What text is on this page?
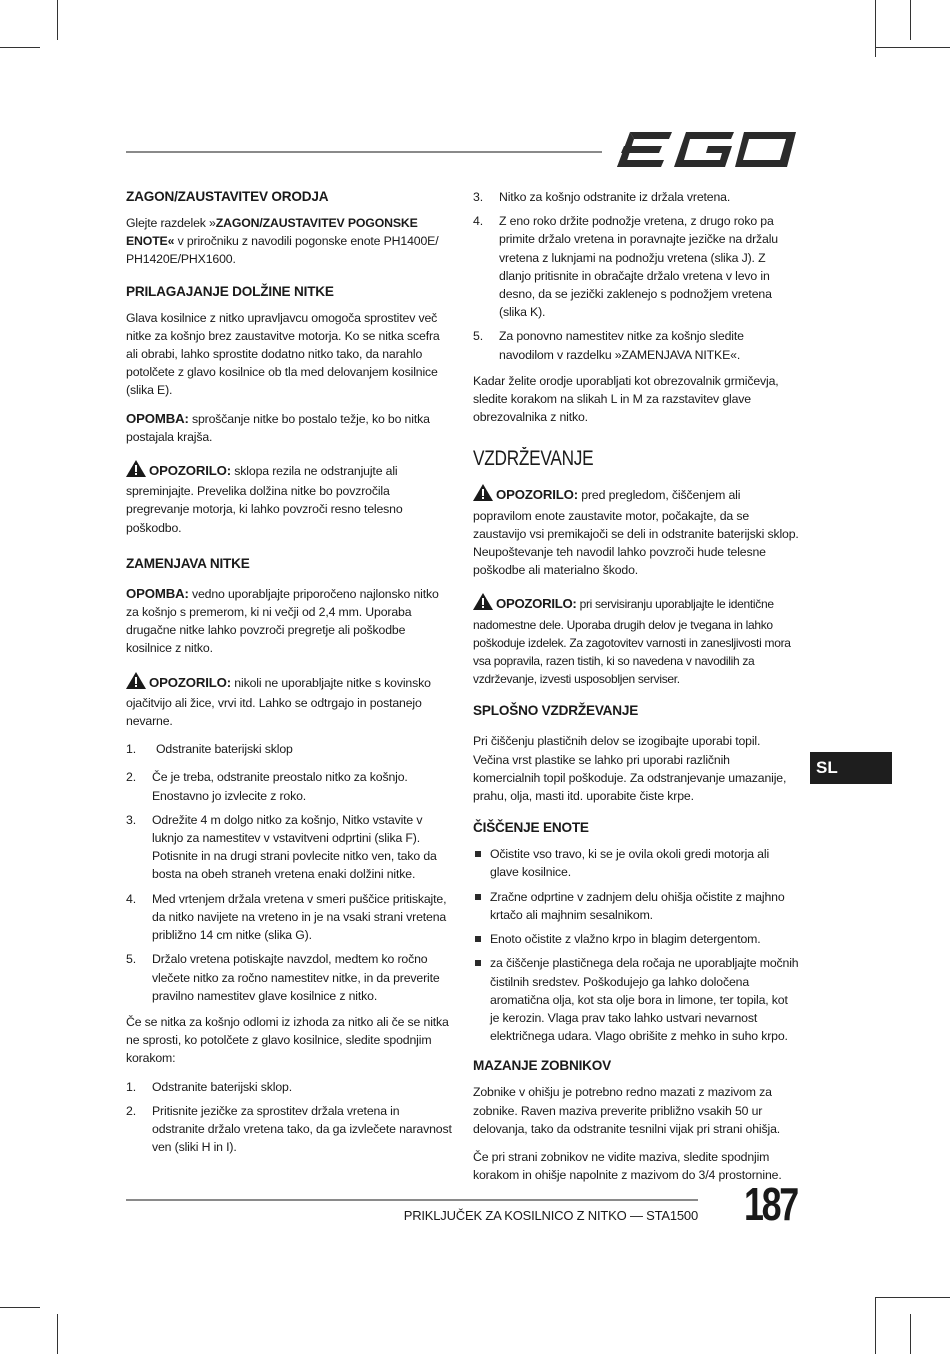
ZAGON/ZAUSTAVITEV ORODJA

Glejte razdelek »ZAGON/ZAUSTAVITEV POGONSKE ENOTE« v priročniku z navodili pogonske enote PH1400E/ PH1420E/PHX1600.

PRILAGAJANJE DOLŽINE NITKE

Glava kosilnice z nitko upravljavcu omogoča sprostitev več nitke za košnjo brez zaustavitve motorja. Ko se nitka scefra ali obrabi, lahko sprostite dodatno nitko tako, da narahlo potolčete z glavo kosilnice ob tla med delovanjem kosilnice (slika E).

OPOMBA: sproščanje nitke bo postalo težje, ko bo nitka postajala krajša.

OPOZORILO: sklopa rezila ne odstranjujte ali spreminjajte. Prevelika dolžina nitke bo povzročila pregrevanje motorja, ki lahko povzroči resno telesno poškodbo.

ZAMENJAVA NITKE

OPOMBA: vedno uporabljajte priporočeno najlonsko nitko za košnjo s premerom, ki ni večji od 2,4 mm. Uporaba drugačne nitke lahko povzroči pregretje ali poškodbe kosilnice z nitko.

OPOZORILO: nikoli ne uporabljajte nitke s kovinsko ojačitvijo ali žice, vrvi itd. Lahko se odtrgajo in postanejo nevarne.

1. Odstranite baterijski sklop
2. Če je treba, odstranite preostalo nitko za košnjo. Enostavno jo izvlecite z roko.
3. Odrežite 4 m dolgo nitko za košnjo, Nitko vstavite v luknjo za namestitev v vstavitveni odprtini (slika F). Potisnite in na drugi strani povlecite nitko ven, tako da bosta na obeh straneh vretena enaki dolžini nitke.
4. Med vrtenjem držala vretena v smeri puščice pritiskajte, da nitko navijete na vreteno in je na vsaki strani vretena približno 14 cm nitke (slika G).
5. Držalo vretena potiskajte navzdol, medtem ko ročno vlečete nitko za ročno namestitev nitke, in da preverite pravilno namestitev glave kosilnice z nitko.

Če se nitka za košnjo odlomi iz izhoda za nitko ali če se nitka ne sprosti, ko potolčete z glavo kosilnice, sledite spodnjim korakom:

1. Odstranite baterijski sklop.
2. Pritisnite jezičke za sprostitev držala vretena in odstranite držalo vretena tako, da ga izvlečete naravnost ven (sliki H in I).
3. Nitko za košnjo odstranite iz držala vretena.
4. Z eno roko držite podnožje vretena, z drugo roko pa primite držalo vretena in poravnajte jezičke na držalu vretena z luknjami na podnožju vretena (slika J). Z dlanjo pritisnite in obračajte držalo vretena v levo in desno, da se jezički zaklenejo s podnožjem vretena (slika K).
5. Za ponovno namestitev nitke za košnjo sledite navodilom v razdelku »ZAMENJAVA NITKE«.

Kadar želite orodje uporabljati kot obrezovalnik grmičevja, sledite korakom na slikah L in M za razstavitev glave obrezovalnika z nitko.

VZDRŽEVANJE

OPOZORILO: pred pregledom, čiščenjem ali popravilom enote zaustavite motor, počakajte, da se zaustavijo vsi premikajoči se deli in odstranite baterijski sklop. Neupoštevanje teh navodil lahko povzroči hude telesne poškodbe ali materialno škodo.

OPOZORILO: pri servisiranju uporabljajte le identične nadomestne dele. Uporaba drugih delov je tvegana in lahko poškoduje izdelek. Za zagotovitev varnosti in zanesljivosti mora vsa popravila, razen tistih, ki so navedena v navodilih za vzdrževanje, izvesti usposobljen serviser.

SPLOŠNO VZDRŽEVANJE

Pri čiščenju plastičnih delov se izogibajte uporabi topil. Večina vrst plastike se lahko pri uporabi različnih komercialnih topil poškoduje. Za odstranjevanje umazanije, prahu, olja, masti itd. uporabite čiste krpe.

ČIŠČENJE ENOTE
Očistite vso travo, ki se je ovila okoli gredi motorja ali glave kosilnice.
Zračne odprtine v zadnjem delu ohišja očistite z majhno krtačo ali majhnim sesalnikom.
Enoto očistite z vlažno krpo in blagim detergentom.
za čiščenje plastičnega dela ročaja ne uporabljajte močnih čistilnih sredstev. Poškodujejo ga lahko določena aromatična olja, kot sta olje bora in limone, ter topila, kot je kerozin. Vlaga prav tako lahko ustvari nevarnost električnega udara. Vlago obrišite z mehko in suho krpo.
MAZANJE ZOBNIKOV

Zobnike v ohišju je potrebno redno mazati z mazivom za zobnike. Raven maziva preverite približno vsakih 50 ur delovanja, tako da odstranite tesnilni vijak pri strani ohišja.

Če pri strani zobnikov ne vidite maziva, sledite spodnjim korakom in ohišje napolnite z mazivom do 3/4 prostornine.

SL
PRIKLJUČEK ZA KOSILNICO Z NITKO — STA1500 187
